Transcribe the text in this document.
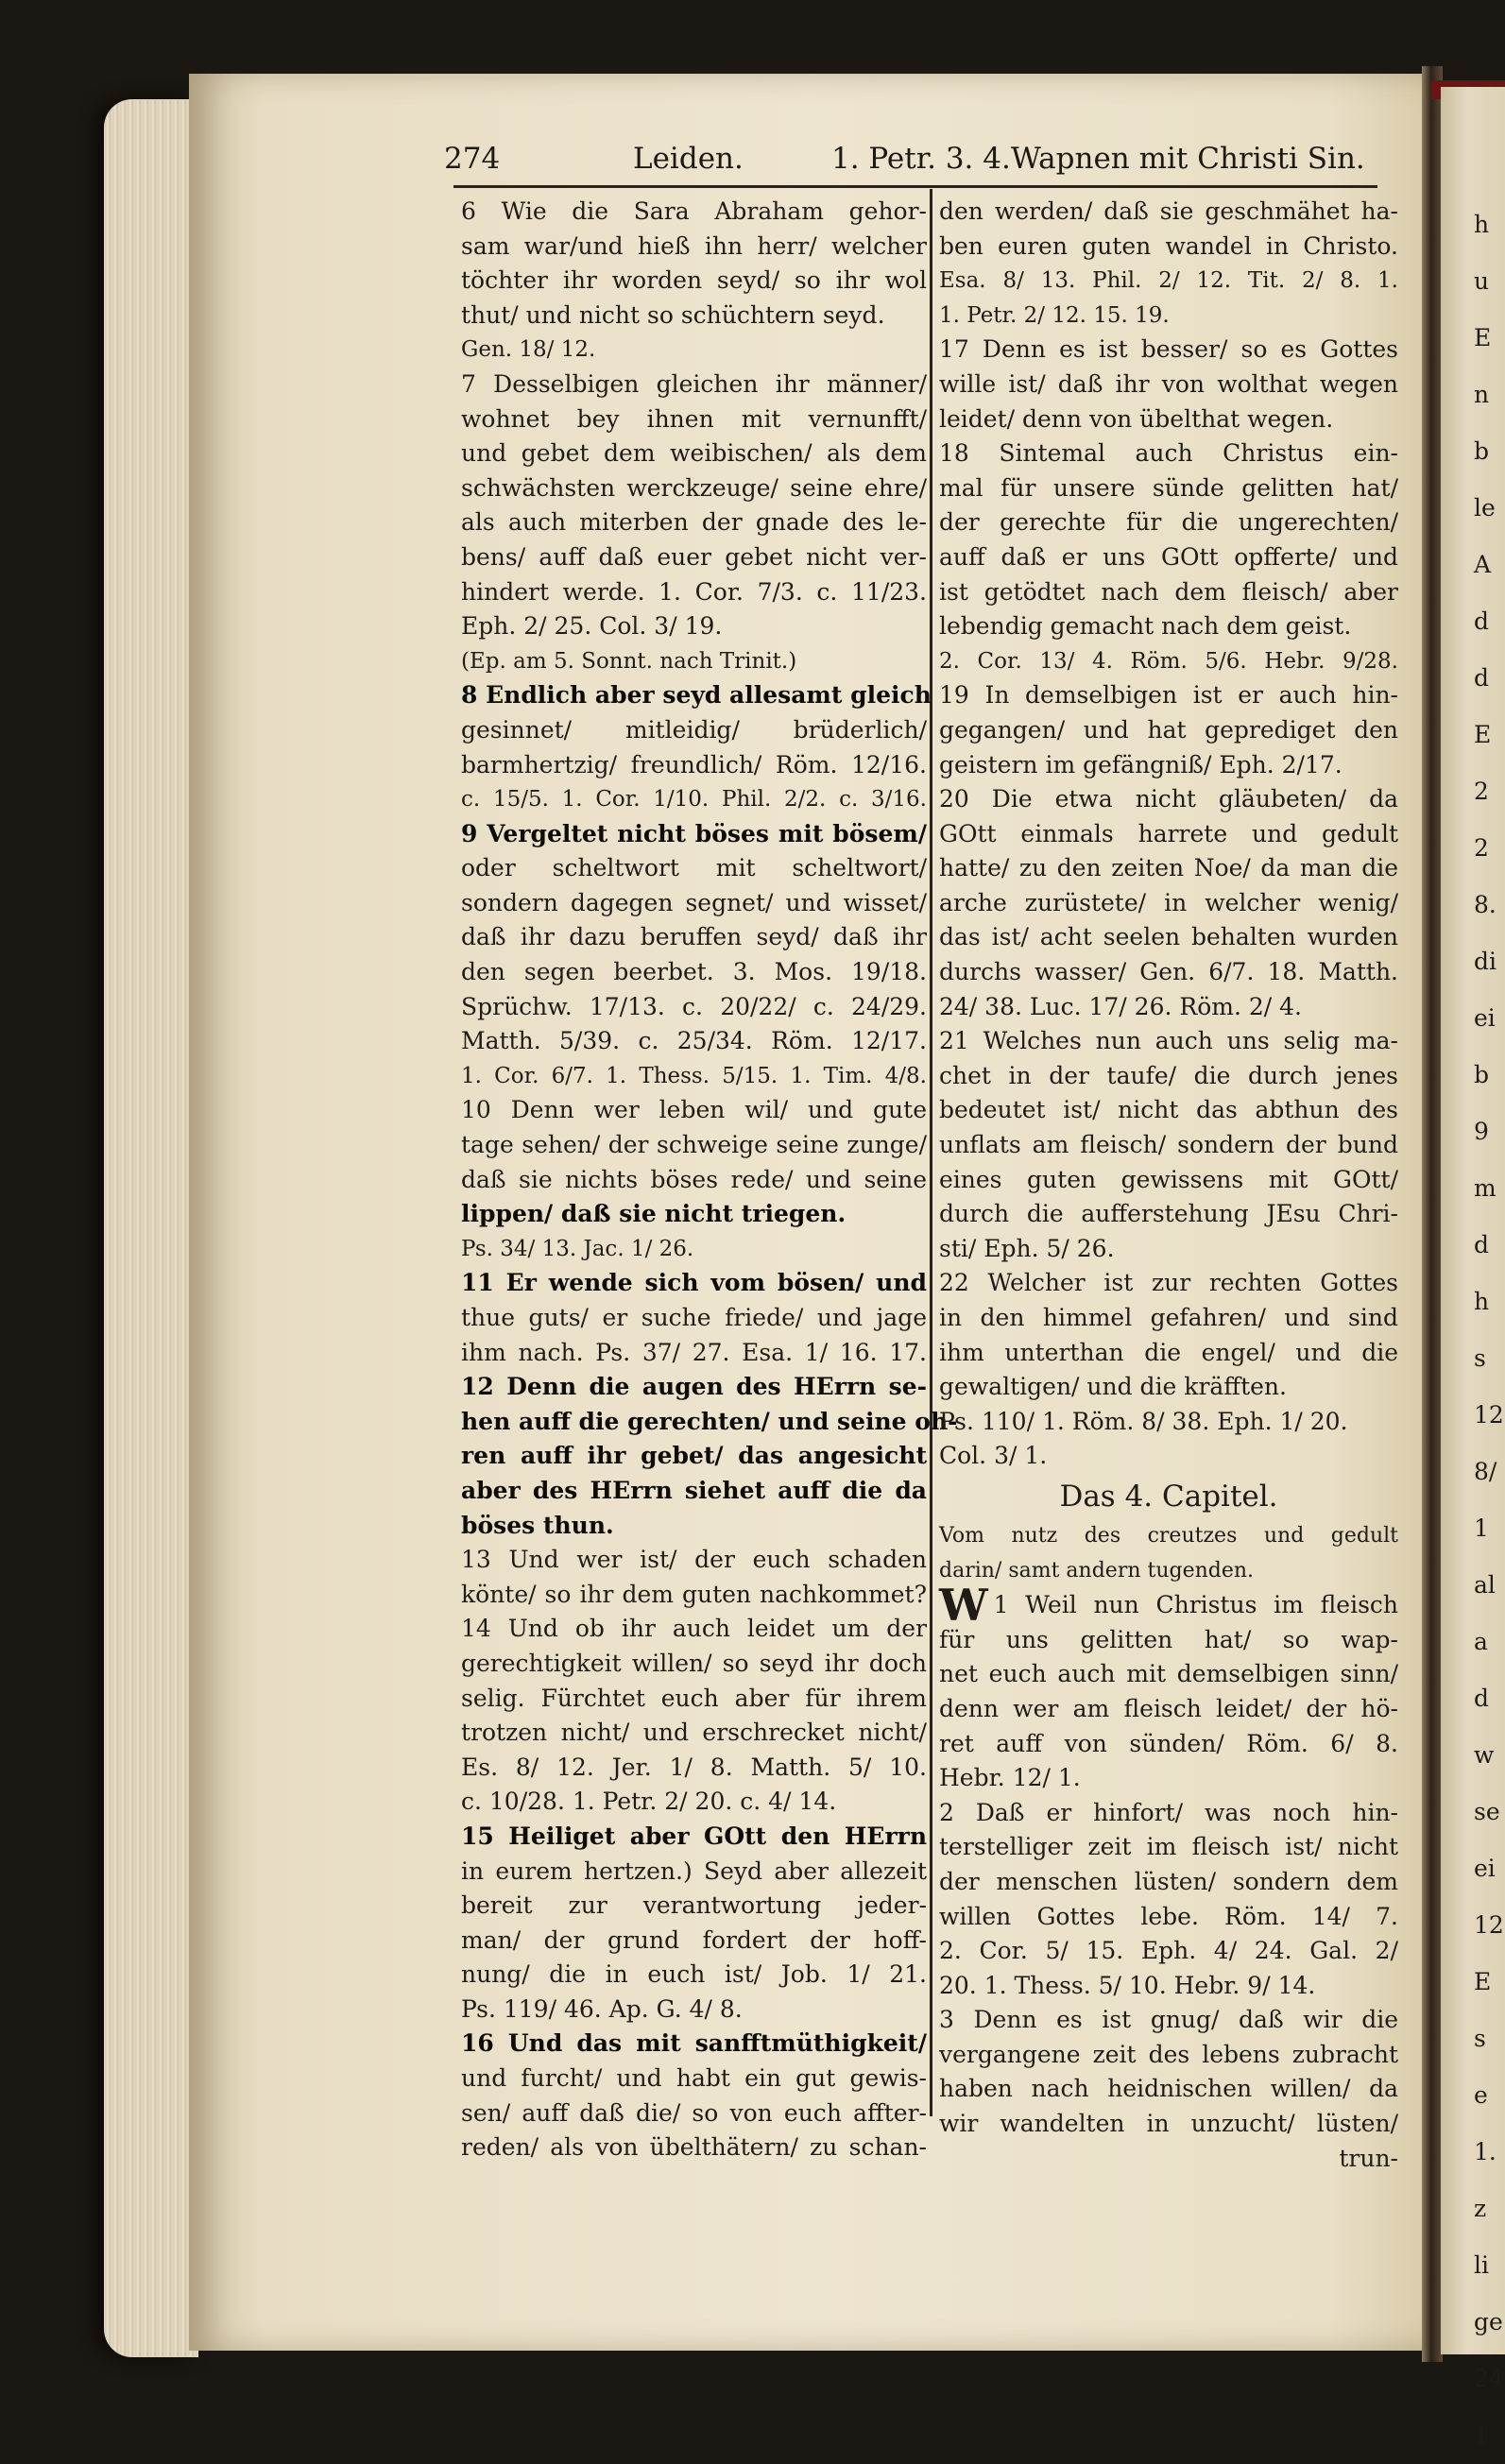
274	Leiden.	1. Petr. 3. 4. Wapnen mit Christi Sin.
6 Wie die Sara Abraham gehor-
sam war/und hieß ihn herr/ welcher
töchter ihr worden seyd/ so ihr wol
thut/ und nicht so schüchtern seyd.
Gen. 18/ 12.
7 Desselbigen gleichen ihr männer/
wohnet bey ihnen mit vernunfft/
und gebet dem weibischen/ als dem
schwächsten werckzeuge/ seine ehre/
als auch miterben der gnade des le-
bens/ auff daß euer gebet nicht ver-
hindert werde. 1. Cor. 7/3. c. 11/23.
Eph. 2/ 25. Col. 3/ 19.
(Ep. am 5. Sonnt. nach Trinit.)
8 Endlich aber seyd allesamt gleich
gesinnet/ mitleidig/ brüderlich/
barmhertzig/ freundlich/ Röm. 12/16.
c. 15/5. 1. Cor. 1/10. Phil. 2/2. c. 3/16.
9 Vergeltet nicht böses mit bösem/
oder scheltwort mit scheltwort/
sondern dagegen segnet/ und wisset/
daß ihr dazu beruffen seyd/ daß ihr
den segen beerbet. 3. Mos. 19/18.
Sprüchw. 17/13. c. 20/22/ c. 24/29.
Matth. 5/39. c. 25/34. Röm. 12/17.
1. Cor. 6/7. 1. Thess. 5/15. 1. Tim. 4/8.
10 Denn wer leben wil/ und gute
tage sehen/ der schweige seine zunge/
daß sie nichts böses rede/ und seine
lippen/ daß sie nicht triegen.
Ps. 34/ 13. Jac. 1/ 26.
11 Er wende sich vom bösen/ und
thue guts/ er suche friede/ und jage
ihm nach. Ps. 37/ 27. Esa. 1/ 16. 17.
12 Denn die augen des HErrn se-
hen auff die gerechten/ und seine oh-
ren auff ihr gebet/ das angesicht
aber des HErrn siehet auff die da
böses thun.
13 Und wer ist/ der euch schaden
könte/ so ihr dem guten nachkommet?
14 Und ob ihr auch leidet um der
gerechtigkeit willen/ so seyd ihr doch
selig. Fürchtet euch aber für ihrem
trotzen nicht/ und erschrecket nicht/
Es. 8/ 12. Jer. 1/ 8. Matth. 5/ 10.
c. 10/28. 1. Petr. 2/ 20. c. 4/ 14.
15 Heiliget aber GOtt den HErrn
in eurem hertzen.) Seyd aber allezeit
bereit zur verantwortung jeder-
man/ der grund fordert der hoff-
nung/ die in euch ist/ Job. 1/ 21.
Ps. 119/ 46. Ap. G. 4/ 8.
16 Und das mit sanfftmüthigkeit/
und furcht/ und habt ein gut gewis-
sen/ auff daß die/ so von euch affter-
reden/ als von übelthätern/ zu schan-
den werden/ daß sie geschmähet ha-
ben euren guten wandel in Christo.
Esa. 8/ 13. Phil. 2/ 12. Tit. 2/ 8. 1.
1. Petr. 2/ 12. 15. 19.
17 Denn es ist besser/ so es Gottes
wille ist/ daß ihr von wolthat wegen
leidet/ denn von übelthat wegen.
18 Sintemal auch Christus ein-
mal für unsere sünde gelitten hat/
der gerechte für die ungerechten/
auff daß er uns GOtt opfferte/ und
ist getödtet nach dem fleisch/ aber
lebendig gemacht nach dem geist.
2. Cor. 13/ 4. Röm. 5/6. Hebr. 9/28.
19 In demselbigen ist er auch hin-
gegangen/ und hat geprediget den
geistern im gefängniß/ Eph. 2/17.
20 Die etwa nicht gläubeten/ da
GOtt einmals harrete und gedult
hatte/ zu den zeiten Noe/ da man die
arche zurüstete/ in welcher wenig/
das ist/ acht seelen behalten wurden
durchs wasser/ Gen. 6/7. 18. Matth.
24/ 38. Luc. 17/ 26. Röm. 2/ 4.
21 Welches nun auch uns selig ma-
chet in der taufe/ die durch jenes
bedeutet ist/ nicht das abthun des
unflats am fleisch/ sondern der bund
eines guten gewissens mit GOtt/
durch die aufferstehung JEsu Chri-
sti/ Eph. 5/ 26.
22 Welcher ist zur rechten Gottes
in den himmel gefahren/ und sind
ihm unterthan die engel/ und die
gewaltigen/ und die kräfften.
Ps. 110/ 1. Röm. 8/ 38. Eph. 1/ 20.
Col. 3/ 1.
Das 4. Capitel.
Vom nutz des creutzes und gedult
darin/ samt andern tugenden.
W 1 Weil nun Christus im fleisch
für uns gelitten hat/ so wap-
net euch auch mit demselbigen sinn/
denn wer am fleisch leidet/ der hö-
ret auff von sünden/ Röm. 6/ 8.
Hebr. 12/ 1.
2 Daß er hinfort/ was noch hin-
terstelliger zeit im fleisch ist/ nicht
der menschen lüsten/ sondern dem
willen Gottes lebe. Röm. 14/ 7.
2. Cor. 5/ 15. Eph. 4/ 24. Gal. 2/
20. 1. Thess. 5/ 10. Hebr. 9/ 14.
3 Denn es ist gnug/ daß wir die
vergangene zeit des lebens zubracht
haben nach heidnischen willen/ da
wir wandelten in unzucht/ lüsten/
trun-
h
u
E
n
b
le
A
d
d
E
2
2
8.
di
ei
b
9
m
d
h
s
12
8/
1
al
a
d
w
se
ei
12
E
s
e
1.
z
li
ge
24
1
